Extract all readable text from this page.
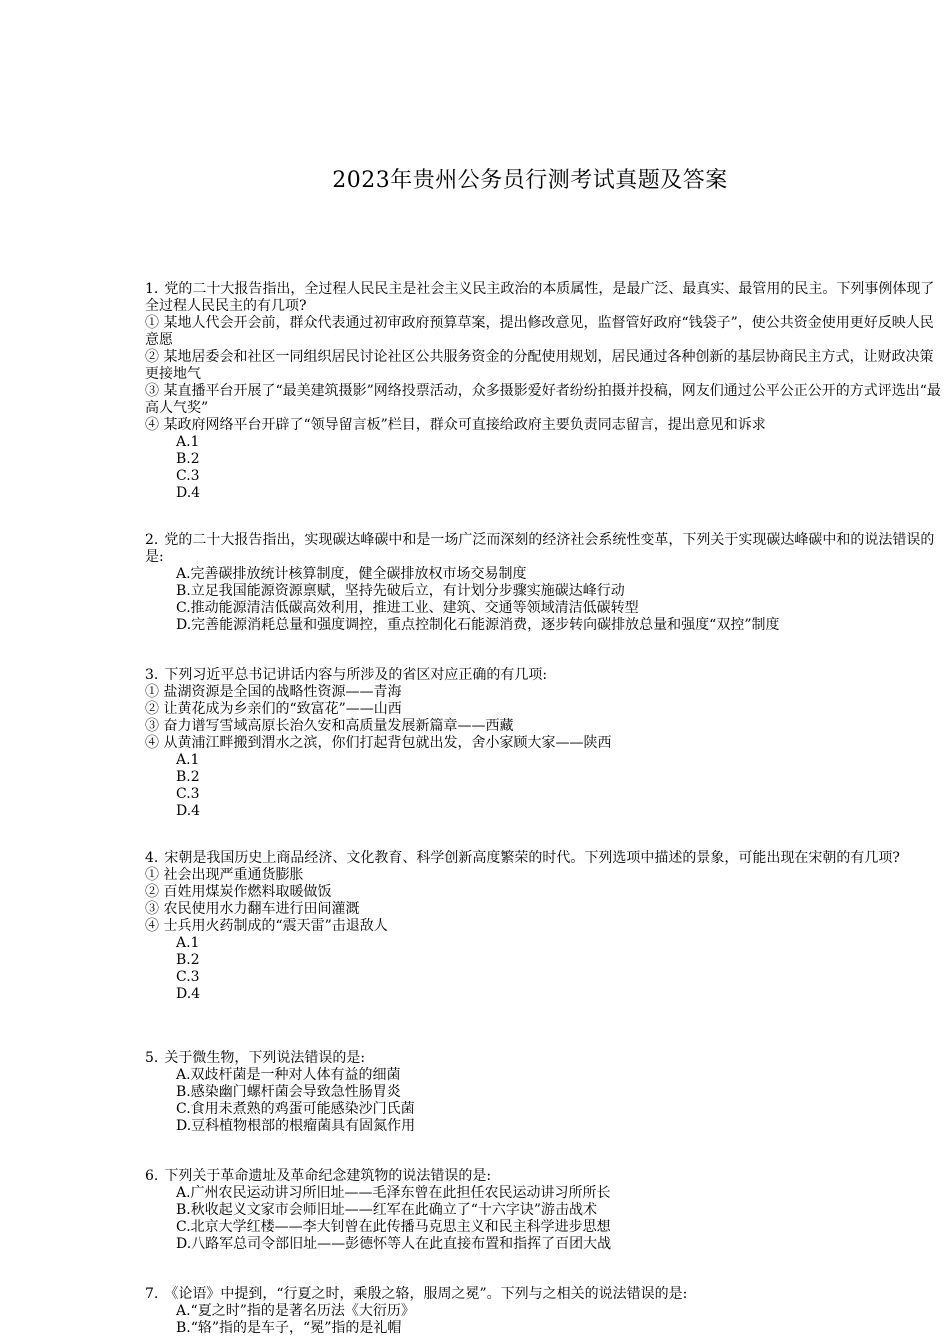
2023年贵州公务员行测考试真题及答案

1. 党的二十大报告指出，全过程人民民主是社会主义民主政治的本质属性，是最广泛、最真实、最管用的民主。下列事例体现了全过程人民民主的有几项?

① 某地人代会开会前，群众代表通过初审政府预算草案，提出修改意见，监督管好政府“钱袋子”，使公共资金使用更好反映人民意愿

② 某地居委会和社区一同组织居民讨论社区公共服务资金的分配使用规划，居民通过各种创新的基层协商民主方式，让财政决策更接地气

③ 某直播平台开展了“最美建筑摄影”网络投票活动，众多摄影爱好者纷纷拍摄并投稿，网友们通过公平公正公开的方式评选出“最高人气奖”

④ 某政府网络平台开辟了“领导留言板”栏目，群众可直接给政府主要负责同志留言，提出意见和诉求

A.1

B.2

C.3

D.4

2. 党的二十大报告指出，实现碳达峰碳中和是一场广泛而深刻的经济社会系统性变革，下列关于实现碳达峰碳中和的说法错误的是:

A.完善碳排放统计核算制度，健全碳排放权市场交易制度

B.立足我国能源资源禀赋，坚持先破后立，有计划分步骤实施碳达峰行动

C.推动能源清洁低碳高效利用，推进工业、建筑、交通等领域清洁低碳转型

D.完善能源消耗总量和强度调控，重点控制化石能源消费，逐步转向碳排放总量和强度“双控”制度

3. 下列习近平总书记讲话内容与所涉及的省区对应正确的有几项:

① 盐湖资源是全国的战略性资源——青海

② 让黄花成为乡亲们的“致富花”——山西

③ 奋力谱写雪域高原长治久安和高质量发展新篇章——西藏

④ 从黄浦江畔搬到渭水之滨，你们打起背包就出发，舍小家顾大家——陕西

A.1

B.2

C.3

D.4

4. 宋朝是我国历史上商品经济、文化教育、科学创新高度繁荣的时代。下列选项中描述的景象，可能出现在宋朝的有几项?

① 社会出现严重通货膨胀

② 百姓用煤炭作燃料取暖做饭

③ 农民使用水力翻车进行田间灌溉

④ 士兵用火药制成的“震天雷”击退敌人

A.1

B.2

C.3

D.4

5. 关于微生物，下列说法错误的是:

A.双歧杆菌是一种对人体有益的细菌

B.感染幽门螺杆菌会导致急性肠胃炎

C.食用未煮熟的鸡蛋可能感染沙门氏菌

D.豆科植物根部的根瘤菌具有固氮作用

6. 下列关于革命遗址及革命纪念建筑物的说法错误的是:

A.广州农民运动讲习所旧址——毛泽东曾在此担任农民运动讲习所所长

B.秋收起义文家市会师旧址——红军在此确立了“十六字诀”游击战术

C.北京大学红楼——李大钊曾在此传播马克思主义和民主科学进步思想

D.八路军总司令部旧址——彭德怀等人在此直接布置和指挥了百团大战

7. 《论语》中提到，“行夏之时，乘殷之辂，服周之冕”。下列与之相关的说法错误的是:

A.“夏之时”指的是著名历法《大衍历》

B.“辂”指的是车子，“冕”指的是礼帽
